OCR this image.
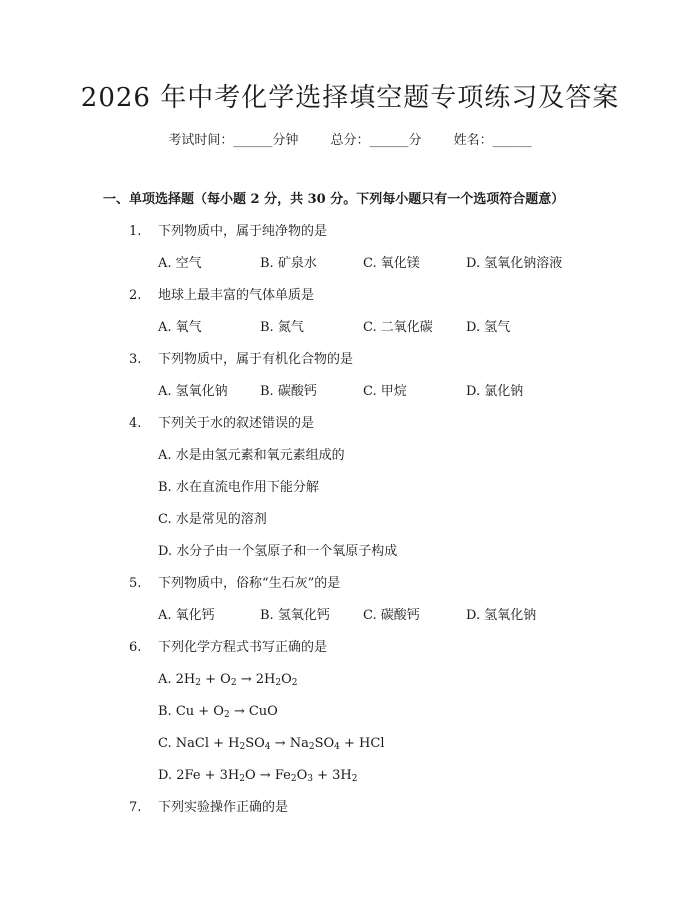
2026 年中考化学选择填空题专项练习及答案
考试时间：______分钟 总分：______分 姓名：______
一、单项选择题（每小题 2 分，共 30 分。下列每小题只有一个选项符合题意）
1. 下列物质中，属于纯净物的是
A. 空气	B. 矿泉水	C. 氧化镁	D. 氢氧化钠溶液
2. 地球上最丰富的气体单质是
A. 氧气	B. 氮气	C. 二氧化碳	D. 氢气
3. 下列物质中，属于有机化合物的是
A. 氢氧化钠 B. 碳酸钙	C. 甲烷	D. 氯化钠
4. 下列关于水的叙述错误的是
A. 水是由氢元素和氧元素组成的
B. 水在直流电作用下能分解
C. 水是常见的溶剂
D. 水分子由一个氢原子和一个氧原子构成
5. 下列物质中，俗称“生石灰”的是
A. 氧化钙	B. 氢氧化钙	C. 碳酸钙	D. 氢氧化钠
6. 下列化学方程式书写正确的是
A. $2H_2 + O_2 \to 2H_2O_2$
B. $Cu + O_2$ → CuO
C. NaCl + $H_2SO_4 \to Na_2SO_4$ + HCl
D. $2Fe + 3H_2O \to Fe_2O_3 + 3H_2$
7. 下列实验操作正确的是
